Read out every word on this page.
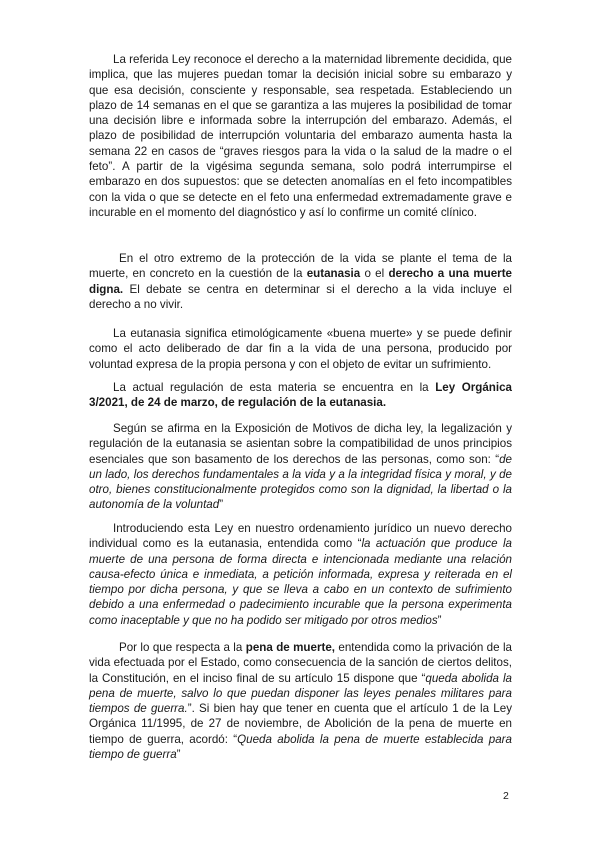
La referida Ley reconoce el derecho a la maternidad libremente decidida, que implica, que las mujeres puedan tomar la decisión inicial sobre su embarazo y que esa decisión, consciente y responsable, sea respetada. Estableciendo un plazo de 14 semanas en el que se garantiza a las mujeres la posibilidad de tomar una decisión libre e informada sobre la interrupción del embarazo. Además, el plazo de posibilidad de interrupción voluntaria del embarazo aumenta hasta la semana 22 en casos de “graves riesgos para la vida o la salud de la madre o el feto”. A partir de la vigésima segunda semana, solo podrá interrumpirse el embarazo en dos supuestos: que se detecten anomalías en el feto incompatibles con la vida o que se detecte en el feto una enfermedad extremadamente grave e incurable en el momento del diagnóstico y así lo confirme un comité clínico.

En el otro extremo de la protección de la vida se plante el tema de la muerte, en concreto en la cuestión de la eutanasia o el derecho a una muerte digna. El debate se centra en determinar si el derecho a la vida incluye el derecho a no vivir.

La eutanasia significa etimológicamente «buena muerte» y se puede definir como el acto deliberado de dar fin a la vida de una persona, producido por voluntad expresa de la propia persona y con el objeto de evitar un sufrimiento.

La actual regulación de esta materia se encuentra en la Ley Orgánica 3/2021, de 24 de marzo, de regulación de la eutanasia.

Según se afirma en la Exposición de Motivos de dicha ley, la legalización y regulación de la eutanasia se asientan sobre la compatibilidad de unos principios esenciales que son basamento de los derechos de las personas, como son: “de un lado, los derechos fundamentales a la vida y a la integridad física y moral, y de otro, bienes constitucionalmente protegidos como son la dignidad, la libertad o la autonomía de la voluntad”

Introduciendo esta Ley en nuestro ordenamiento jurídico un nuevo derecho individual como es la eutanasia, entendida como “la actuación que produce la muerte de una persona de forma directa e intencionada mediante una relación causa-efecto única e inmediata, a petición informada, expresa y reiterada en el tiempo por dicha persona, y que se lleva a cabo en un contexto de sufrimiento debido a una enfermedad o padecimiento incurable que la persona experimenta como inaceptable y que no ha podido ser mitigado por otros medios”

Por lo que respecta a la pena de muerte, entendida como la privación de la vida efectuada por el Estado, como consecuencia de la sanción de ciertos delitos, la Constitución, en el inciso final de su artículo 15 dispone que “queda abolida la pena de muerte, salvo lo que puedan disponer las leyes penales militares para tiempos de guerra.”. Si bien hay que tener en cuenta que el artículo 1 de la Ley Orgánica 11/1995, de 27 de noviembre, de Abolición de la pena de muerte en tiempo de guerra, acordó: “Queda abolida la pena de muerte establecida para tiempo de guerra”

2
